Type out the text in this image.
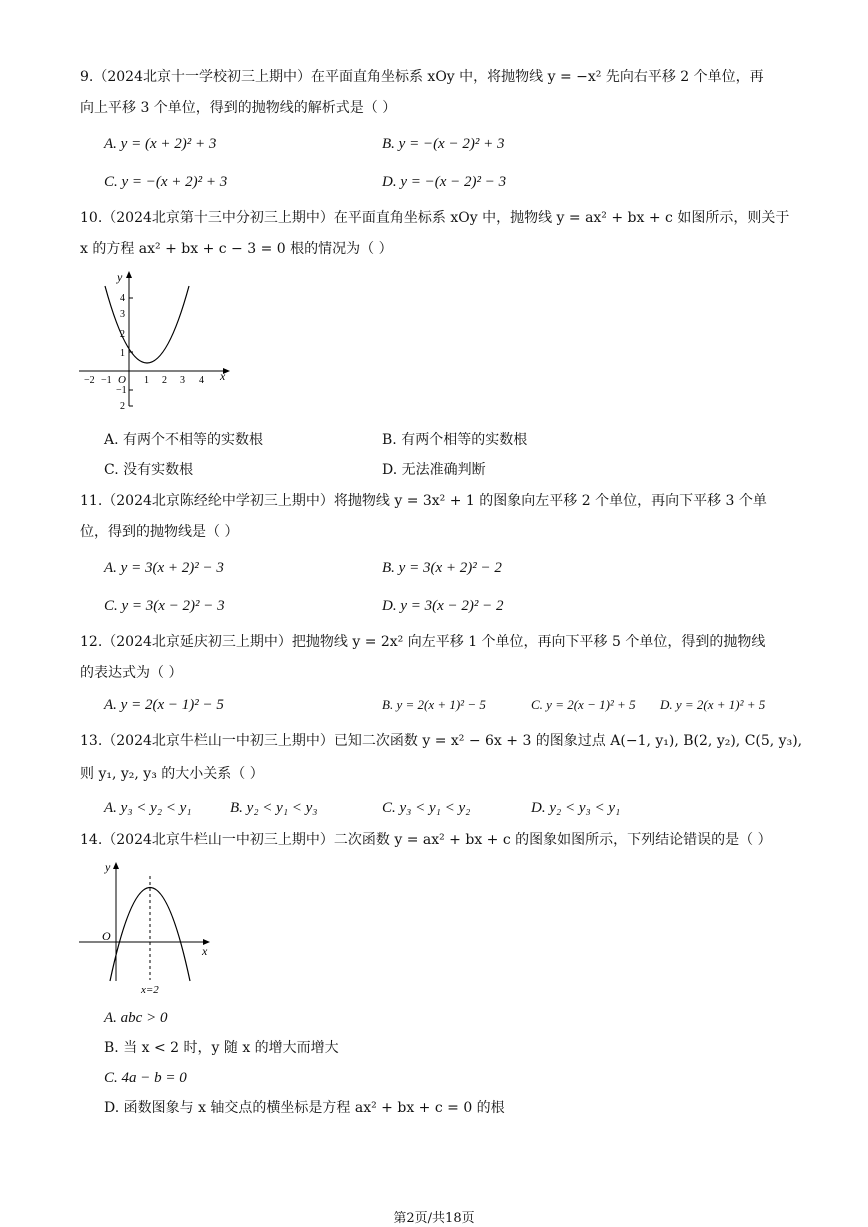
9.（2024北京十一学校初三上期中）在平面直角坐标系 xOy 中，将抛物线 y = −x² 先向右平移 2 个单位，再
向上平移 3 个单位，得到的抛物线的解析式是（ ）
A. y = (x + 2)² + 3	B. y = −(x − 2)² + 3
C. y = −(x + 2)² + 3	D. y = −(x − 2)² − 3
10.（2024北京第十三中分初三上期中）在平面直角坐标系 xOy 中，抛物线 y = ax² + bx + c 如图所示，则关于
x 的方程 ax² + bx + c − 3 = 0 根的情况为（ ）
y
x
O
−2 −1	1 2 3 4
4
3
2
1
−1
2
A. 有两个不相等的实数根	B. 有两个相等的实数根
C. 没有实数根	D. 无法准确判断
11.（2024北京陈经纶中学初三上期中）将抛物线 y = 3x² + 1 的图象向左平移 2 个单位，再向下平移 3 个单
位，得到的抛物线是（ ）
A. y = 3(x + 2)² − 3	B. y = 3(x + 2)² − 2
C. y = 3(x − 2)² − 3	D. y = 3(x − 2)² − 2
12.（2024北京延庆初三上期中）把抛物线 y = 2x² 向左平移 1 个单位，再向下平移 5 个单位，得到的抛物线
的表达式为（ ）
A. y = 2(x − 1)² − 5	B. y = 2(x + 1)² − 5	C. y = 2(x − 1)² + 5 D. y = 2(x + 1)² + 5
13.（2024北京牛栏山一中初三上期中）已知二次函数 y = x² − 6x + 3 的图象过点 A(−1, y₁), B(2, y₂), C(5, y₃),
则 y₁, y₂, y₃ 的大小关系（ ）
A. y₃ < y₂ < y₁	B. y₂ < y₁ < y₃	C. y₃ < y₁ < y₂	D. y₂ < y₃ < y₁
14.（2024北京牛栏山一中初三上期中）二次函数 y = ax² + bx + c 的图象如图所示，下列结论错误的是（ ）
y
x
O
x=2
A. abc > 0
B. 当 x < 2 时，y 随 x 的增大而增大
C. 4a − b = 0
D. 函数图象与 x 轴交点的横坐标是方程 ax² + bx + c = 0 的根
第2页/共18页
